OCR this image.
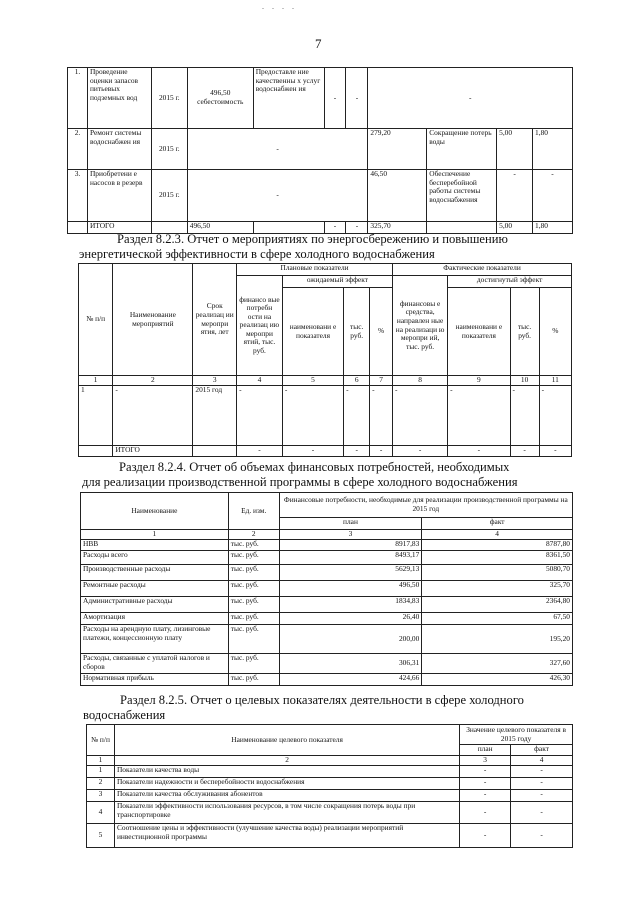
. . . .
7
1.	Проведение оценки запасов питьевых подземных вод	2015 г.	496,50 себестоимость	Предоставле ние качественны х услуг водоснабжен ия	-	-	-			
2.	Ремонт системы водоснабжен ия	2015 г.	-				279,20	Сокращение потерь воды	5,00	1,80
3.	Приобретени е насосов в резерв	2015 г.	-				46,50	Обеспечение бесперебойной работы системы водоснабжения	-	-
	ИТОГО		496,50		-	-	325,70		5,00	1,80
Раздел 8.2.3. Отчет о мероприятиях по энергосбережению и повышению
энергетической эффективности в сфере холодного водоснабжения
№ п/п	Наименование мероприятий	Срок реализац ии меропри ятия, лет	Плановые показатели				Фактические показатели			
			финансо вые потребн ости на реализац ию меропри ятий, тыс. руб.	ожидаемый эффект			финансовы е средства, направлен ные на реализаци ю меропри ий, тыс. руб.	достигнутый эффект		
				наименовани е показателя	тыс. руб.	%		наименовани е показателя	тыс. руб.	%
1	2	3	4	5	6	7	8	9	10	11
1	-	2015 год	-	-	-	-	-	-	-	-
	ИТОГО		-	-	-	-	-	-	-	-
Раздел 8.2.4. Отчет об объемах финансовых потребностей, необходимых
для реализации производственной программы в сфере холодного водоснабжения
Наименование	Ед. изм.	Финансовые потребности, необходимые для реализации производственной программы на 2015 год	
		план	факт
1	2	3	4
НВВ	тыс. руб.	8917,83	8787,80
Расходы всего	тыс. руб.	8493,17	8361,50
Производственные расходы	тыс. руб.	5629,13	5080,70
Ремонтные расходы	тыс. руб.	496,50	325,70
Административные расходы	тыс. руб.	1834,83	2364,80
Амортизация	тыс. руб.	26,40	67,50
Расходы на арендную плату, лизинговые платежи, концессионную плату	тыс. руб.	200,00	195,20
Расходы, связанные с уплатой налогов и сборов	тыс. руб.	306,31	327,60
Нормативная прибыль	тыс. руб.	424,66	426,30
Раздел 8.2.5. Отчет о целевых показателях деятельности в сфере холодного
водоснабжения
№ п/п	Наименование целевого показателя	Значение целевого показателя в 2015 году	
		план	факт
1	2	3	4
1	Показатели качества воды	-	-
2	Показатели надежности и бесперебойности водоснабжения	-	-
3	Показатели качества обслуживания абонентов	-	-
4	Показатели эффективности использования ресурсов, в том числе сокращения потерь воды при транспортировке	-	-
5	Соотношение цены и эффективности (улучшение качества воды) реализации мероприятий инвестиционной программы	-	-
